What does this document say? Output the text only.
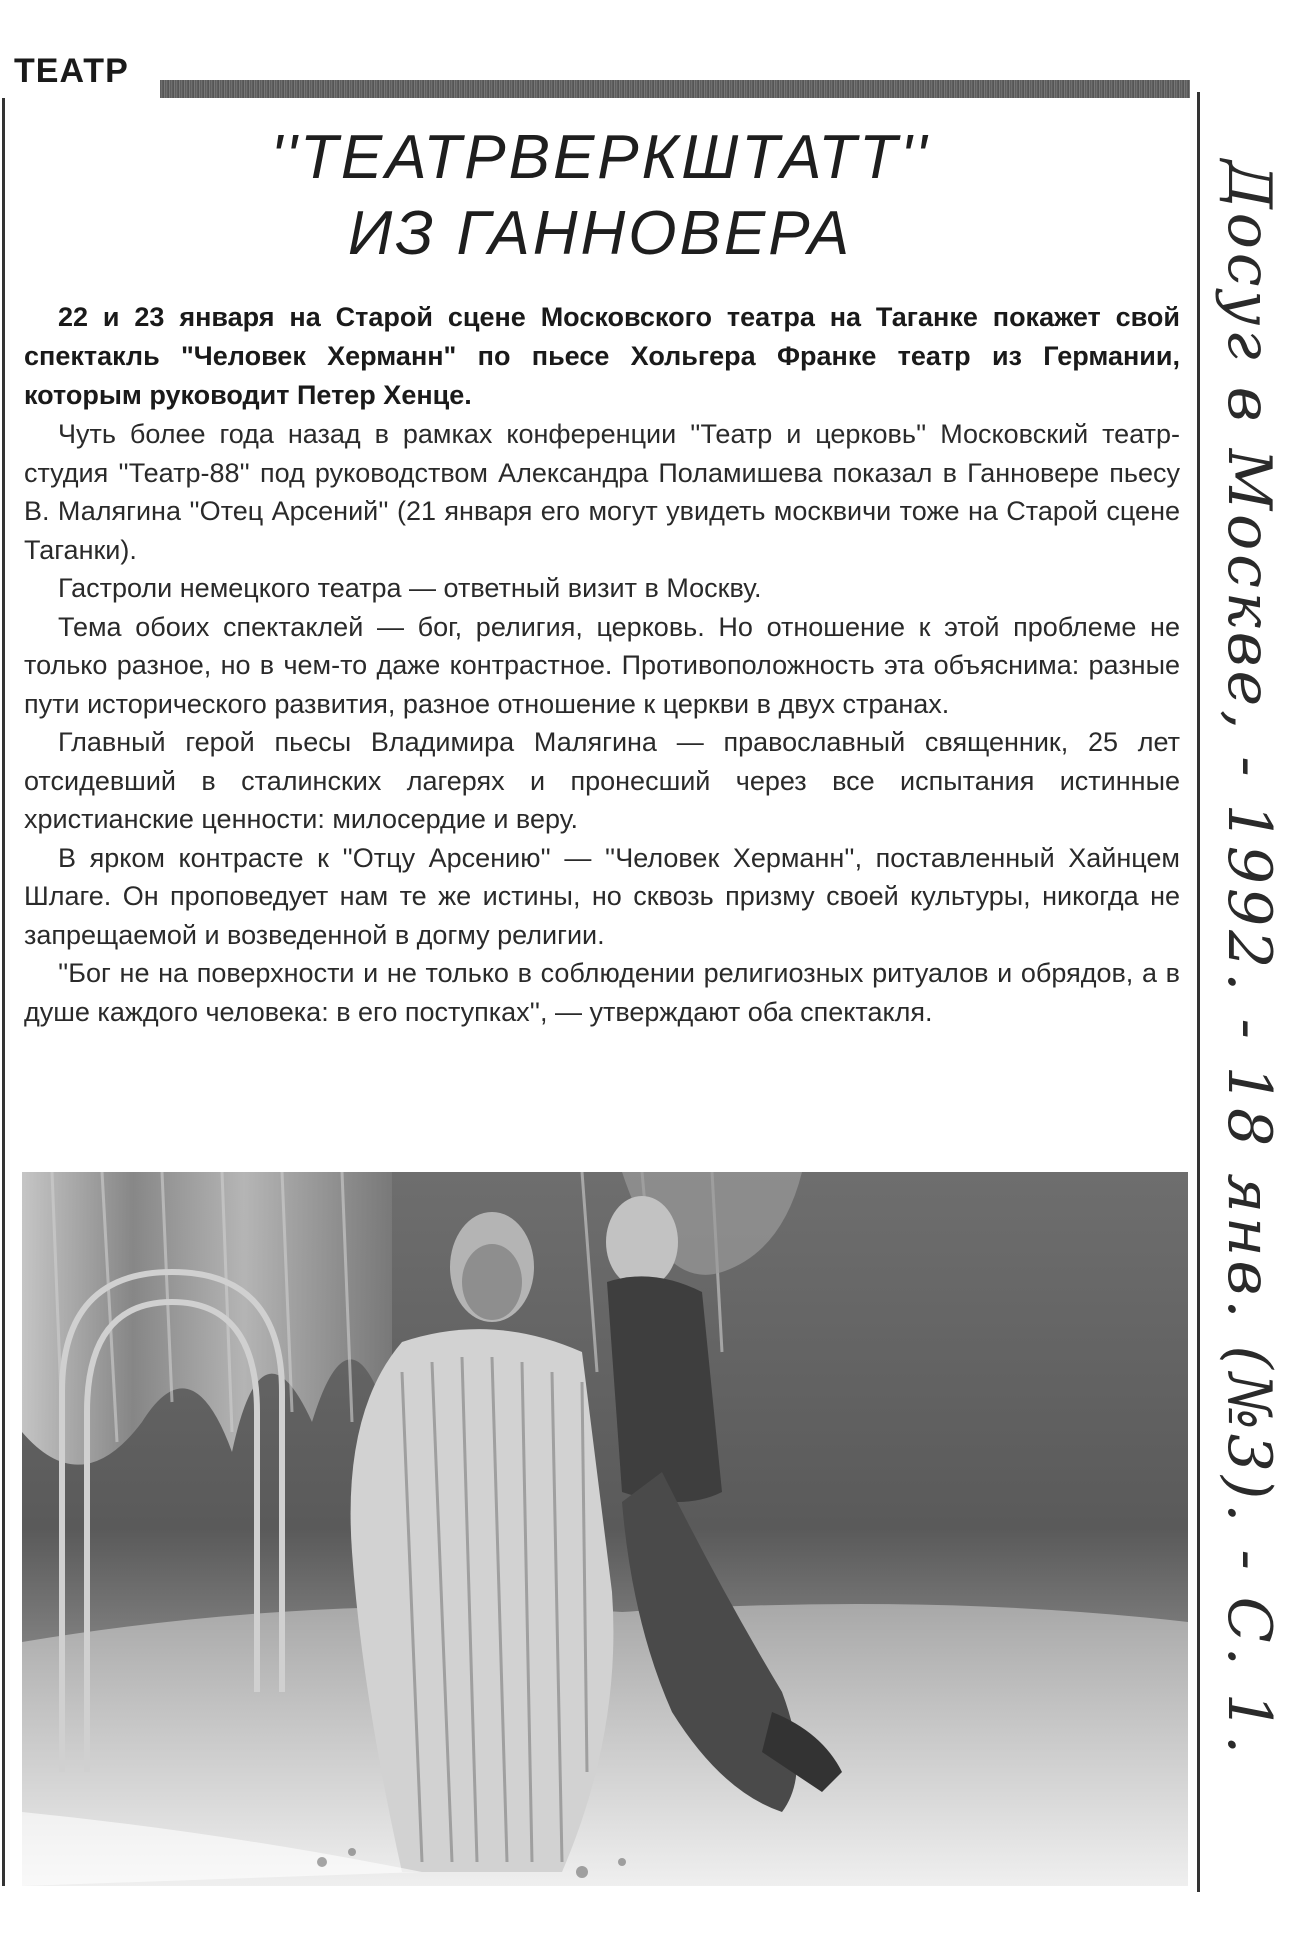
ТЕАТР
''ТЕАТРВЕРКШТАТТ''
ИЗ ГАННОВЕРА

22 и 23 января на Старой сцене Московского театра на Таганке покажет свой спектакль "Человек Херманн" по пьесе Хольгера Франке театр из Германии, которым руководит Петер Хенце.

Чуть более года назад в рамках конференции ''Театр и церковь'' Московский театр-студия ''Театр-88'' под руководством Александра Поламишева показал в Ганновере пьесу В. Малягина ''Отец Арсений'' (21 января его могут увидеть москвичи тоже на Старой сцене Таганки).

Гастроли немецкого театра — ответный визит в Москву.

Тема обоих спектаклей — бог, религия, церковь. Но отношение к этой проблеме не только разное, но в чем-то даже контрастное. Противоположность эта объяснима: разные пути исторического развития, разное отношение к церкви в двух странах.

Главный герой пьесы Владимира Малягина — православный священник, 25 лет отсидевший в сталинских лагерях и пронесший через все испытания истинные христианские ценности: милосердие и веру.

В ярком контрасте к ''Отцу Арсению'' — ''Человек Херманн'', поставленный Хайнцем Шлаге. Он проповедует нам те же истины, но сквозь призму своей культуры, никогда не запрещаемой и возведенной в догму религии.

''Бог не на поверхности и не только в соблюдении религиозных ритуалов и обрядов, а в душе каждого человека: в его поступках'', — утверждают оба спектакля.	Досуг в Москве, - 1992. - 18 янв. (№3). - С. 1.
